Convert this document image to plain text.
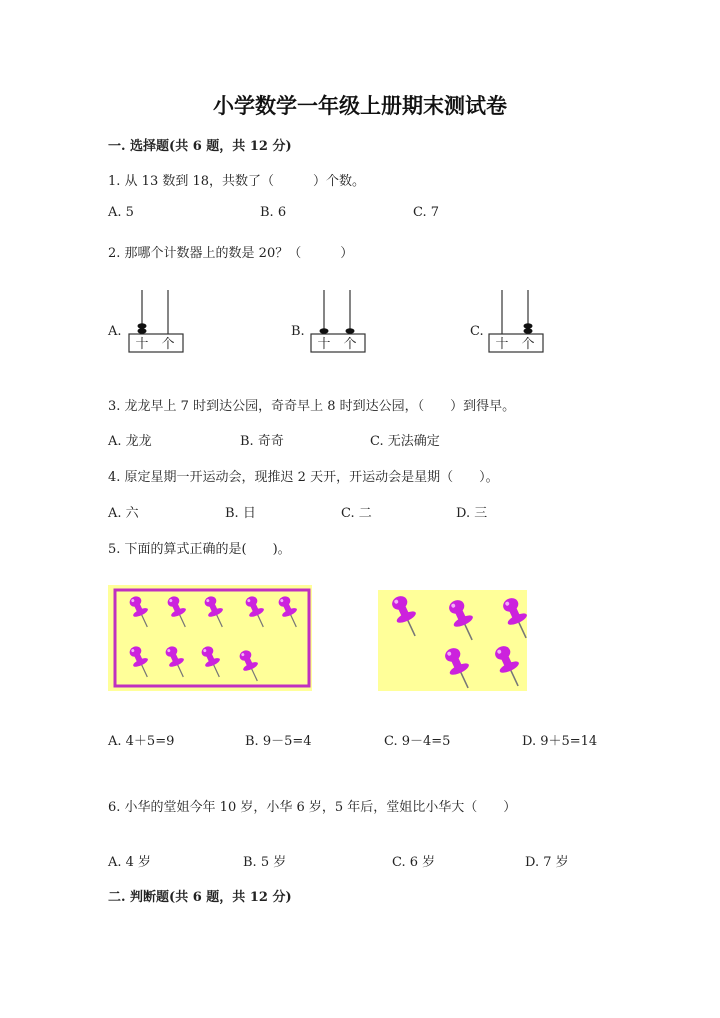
小学数学一年级上册期末测试卷
一. 选择题(共 6 题，共 12 分)
1. 从 13 数到 18，共数了（　　　）个数。
A. 5	B. 6	C. 7
2. 那哪个计数器上的数是 20？（　　　）
A.	B.	C.
十 个	十 个	十 个
3. 龙龙早上 7 时到达公园，奇奇早上 8 时到达公园，（　　）到得早。
A. 龙龙	B. 奇奇	C. 无法确定
4. 原定星期一开运动会，现推迟 2 天开，开运动会是星期（　　）。
A. 六	B. 日	C. 二	D. 三
5. 下面的算式正确的是(　　)。
A. 4＋5=9	B. 9－5=4	C. 9－4=5	D. 9＋5=14
6. 小华的堂姐今年 10 岁，小华 6 岁，5 年后，堂姐比小华大（　　）
A. 4 岁	B. 5 岁	C. 6 岁	D. 7 岁
二. 判断题(共 6 题，共 12 分)
